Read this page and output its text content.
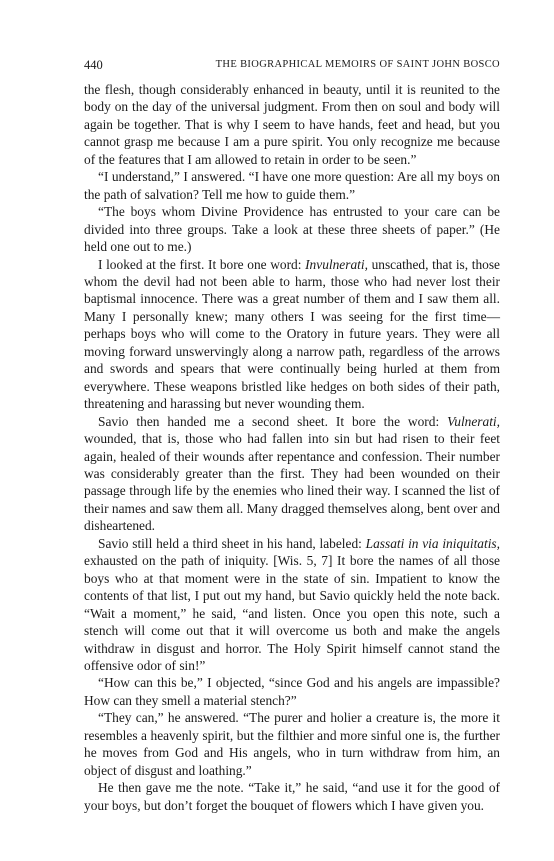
440	THE BIOGRAPHICAL MEMOIRS OF SAINT JOHN BOSCO

the flesh, though considerably enhanced in beauty, until it is reunited to the body on the day of the universal judgment. From then on soul and body will again be together. That is why I seem to have hands, feet and head, but you cannot grasp me because I am a pure spirit. You only recognize me because of the features that I am allowed to retain in order to be seen.”

“I understand,” I answered. “I have one more question: Are all my boys on the path of salvation? Tell me how to guide them.”

“The boys whom Divine Providence has entrusted to your care can be divided into three groups. Take a look at these three sheets of paper.” (He held one out to me.)

I looked at the first. It bore one word: Invulnerati, unscathed, that is, those whom the devil had not been able to harm, those who had never lost their baptismal innocence. There was a great number of them and I saw them all. Many I personally knew; many others I was seeing for the first time—perhaps boys who will come to the Oratory in future years. They were all moving forward unswervingly along a narrow path, regardless of the arrows and swords and spears that were continually being hurled at them from everywhere. These weapons bristled like hedges on both sides of their path, threatening and harassing but never wounding them.

Savio then handed me a second sheet. It bore the word: Vulnerati, wounded, that is, those who had fallen into sin but had risen to their feet again, healed of their wounds after repentance and confession. Their number was considerably greater than the first. They had been wounded on their passage through life by the enemies who lined their way. I scanned the list of their names and saw them all. Many dragged themselves along, bent over and disheartened.

Savio still held a third sheet in his hand, labeled: Lassati in via iniquitatis, exhausted on the path of iniquity. [Wis. 5, 7] It bore the names of all those boys who at that moment were in the state of sin. Impatient to know the contents of that list, I put out my hand, but Savio quickly held the note back. “Wait a moment,” he said, “and listen. Once you open this note, such a stench will come out that it will overcome us both and make the angels withdraw in disgust and horror. The Holy Spirit himself cannot stand the offensive odor of sin!”

“How can this be,” I objected, “since God and his angels are impassible? How can they smell a material stench?”

“They can,” he answered. “The purer and holier a creature is, the more it resembles a heavenly spirit, but the filthier and more sinful one is, the further he moves from God and His angels, who in turn withdraw from him, an object of disgust and loathing.”

He then gave me the note. “Take it,” he said, “and use it for the good of your boys, but don’t forget the bouquet of flowers which I have given you.
